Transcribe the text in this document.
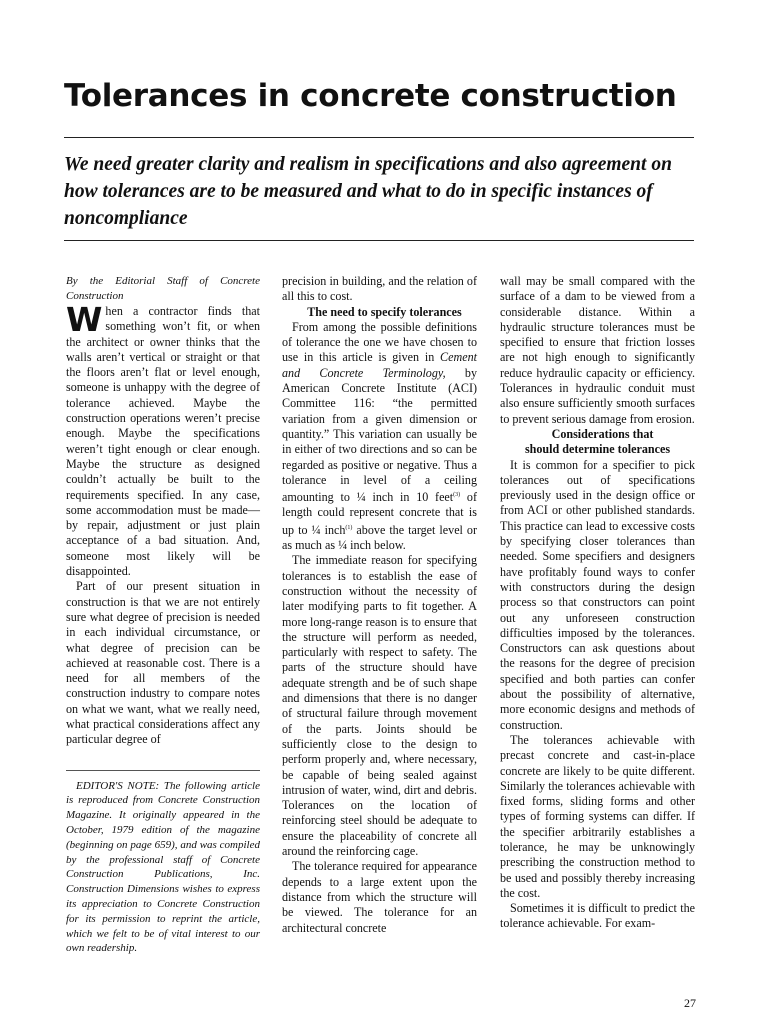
Tolerances in concrete construction

We need greater clarity and realism in specifications and also agreement on how tolerances are to be measured and what to do in specific instances of noncompliance

By the Editorial Staff of Concrete Construction

When a contractor finds that something won’t fit, or when the architect or owner thinks that the walls aren’t vertical or straight or that the floors aren’t flat or level enough, someone is unhappy with the degree of tolerance achieved. Maybe the construction operations weren’t precise enough. Maybe the specifications weren’t tight enough or clear enough. Maybe the structure as designed couldn’t actually be built to the requirements specified. In any case, some accommodation must be made—by repair, adjustment or just plain acceptance of a bad situation. And, someone most likely will be disappointed.

Part of our present situation in construction is that we are not entirely sure what degree of precision is needed in each individual circumstance, or what degree of precision can be achieved at reasonable cost. There is a need for all members of the construction industry to compare notes on what we want, what we really need, what practical considerations affect any particular degree of

EDITOR'S NOTE: The following article is reproduced from Concrete Construction Magazine. It originally appeared in the October, 1979 edition of the magazine (beginning on page 659), and was compiled by the professional staff of Concrete Construction Publications, Inc. Construction Dimensions wishes to express its appreciation to Concrete Construction for its permission to reprint the article, which we felt to be of vital interest to our own readership.

precision in building, and the relation of all this to cost.

The need to specify tolerances

From among the possible definitions of tolerance the one we have chosen to use in this article is given in Cement and Concrete Terminology, by American Concrete Institute (ACI) Committee 116: “the permitted variation from a given dimension or quantity.” This variation can usually be in either of two directions and so can be regarded as positive or negative. Thus a tolerance in level of a ceiling amounting to ¼ inch in 10 feet$^{(3)}$ of length could represent concrete that is up to ¼ inch$^{(1)}$ above the target level or as much as ¼ inch below.

The immediate reason for specifying tolerances is to establish the ease of construction without the necessity of later modifying parts to fit together. A more long-range reason is to ensure that the structure will perform as needed, particularly with respect to safety. The parts of the structure should have adequate strength and be of such shape and dimensions that there is no danger of structural failure through movement of the parts. Joints should be sufficiently close to the design to perform properly and, where necessary, be capable of being sealed against intrusion of water, wind, dirt and debris. Tolerances on the location of reinforcing steel should be adequate to ensure the placeability of concrete all around the reinforcing cage.

The tolerance required for appearance depends to a large extent upon the distance from which the structure will be viewed. The tolerance for an architectural concrete

wall may be small compared with the surface of a dam to be viewed from a considerable distance. Within a hydraulic structure tolerances must be specified to ensure that friction losses are not high enough to significantly reduce hydraulic capacity or efficiency. Tolerances in hydraulic conduit must also ensure sufficiently smooth surfaces to prevent serious damage from erosion.

Considerations that
should determine tolerances

It is common for a specifier to pick tolerances out of specifications previously used in the design office or from ACI or other published standards. This practice can lead to excessive costs by specifying closer tolerances than needed. Some specifiers and designers have profitably found ways to confer with constructors during the design process so that constructors can point out any unforeseen construction difficulties imposed by the tolerances. Constructors can ask questions about the reasons for the degree of precision specified and both parties can confer about the possibility of alternative, more economic designs and methods of construction.

The tolerances achievable with precast concrete and cast-in-place concrete are likely to be quite different. Similarly the tolerances achievable with fixed forms, sliding forms and other types of forming systems can differ. If the specifier arbitrarily establishes a tolerance, he may be unknowingly prescribing the construction method to be used and possibly thereby increasing the cost.

Sometimes it is difficult to predict the tolerance achievable. For exam-

27
